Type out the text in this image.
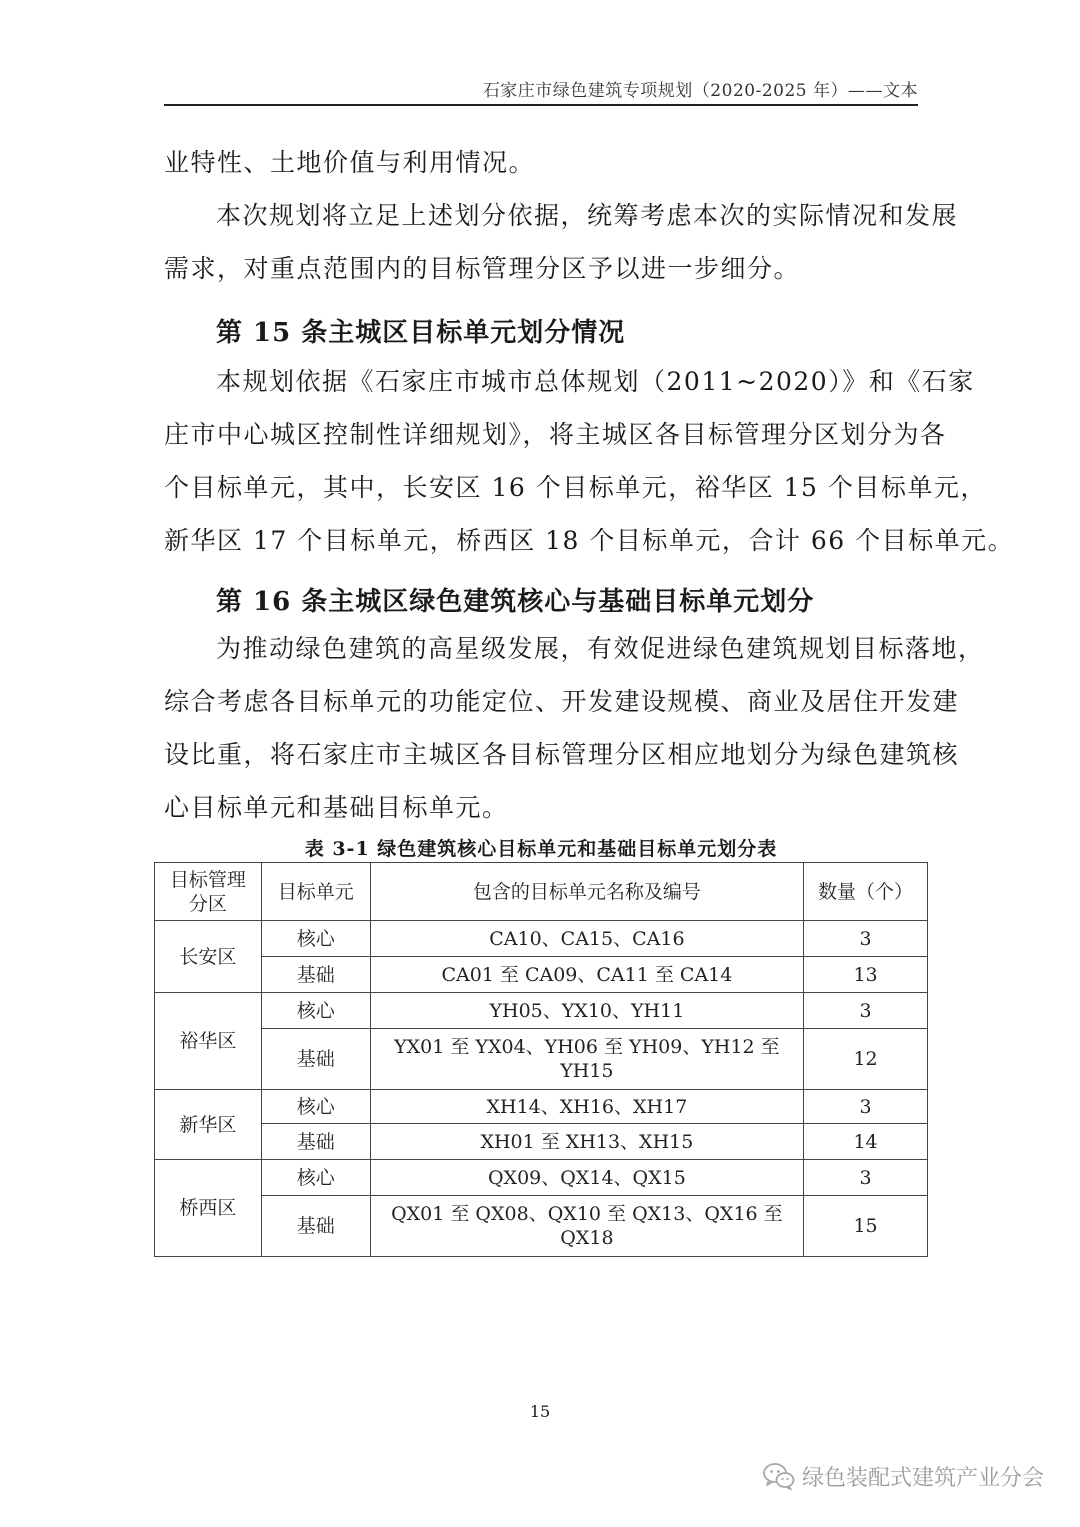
石家庄市绿色建筑专项规划（2020-2025 年）——文本
业特性、土地价值与利用情况。
本次规划将立足上述划分依据，统筹考虑本次的实际情况和发展
需求，对重点范围内的目标管理分区予以进一步细分。
第 15 条主城区目标单元划分情况
本规划依据《石家庄市城市总体规划（2011~2020）》和《石家
庄市中心城区控制性详细规划》，将主城区各目标管理分区划分为各
个目标单元，其中，长安区 16 个目标单元，裕华区 15 个目标单元，
新华区 17 个目标单元，桥西区 18 个目标单元，合计 66 个目标单元。
第 16 条主城区绿色建筑核心与基础目标单元划分
为推动绿色建筑的高星级发展，有效促进绿色建筑规划目标落地，
综合考虑各目标单元的功能定位、开发建设规模、商业及居住开发建
设比重，将石家庄市主城区各目标管理分区相应地划分为绿色建筑核
心目标单元和基础目标单元。
表 3-1 绿色建筑核心目标单元和基础目标单元划分表
目标管理
分区	目标单元	包含的目标单元名称及编号	数量（个）
长安区	核心	CA10、CA15、CA16	3
	基础	CA01 至 CA09、CA11 至 CA14	13
裕华区	核心	YH05、YX10、YH11	3
	基础	YX01 至 YX04、YH06 至 YH09、YH12 至
YH15	12
新华区	核心	XH14、XH16、XH17	3
	基础	XH01 至 XH13、XH15	14
桥西区	核心	QX09、QX14、QX15	3
	基础	QX01 至 QX08、QX10 至 QX13、QX16 至
QX18	15
15
绿色装配式建筑产业分会
